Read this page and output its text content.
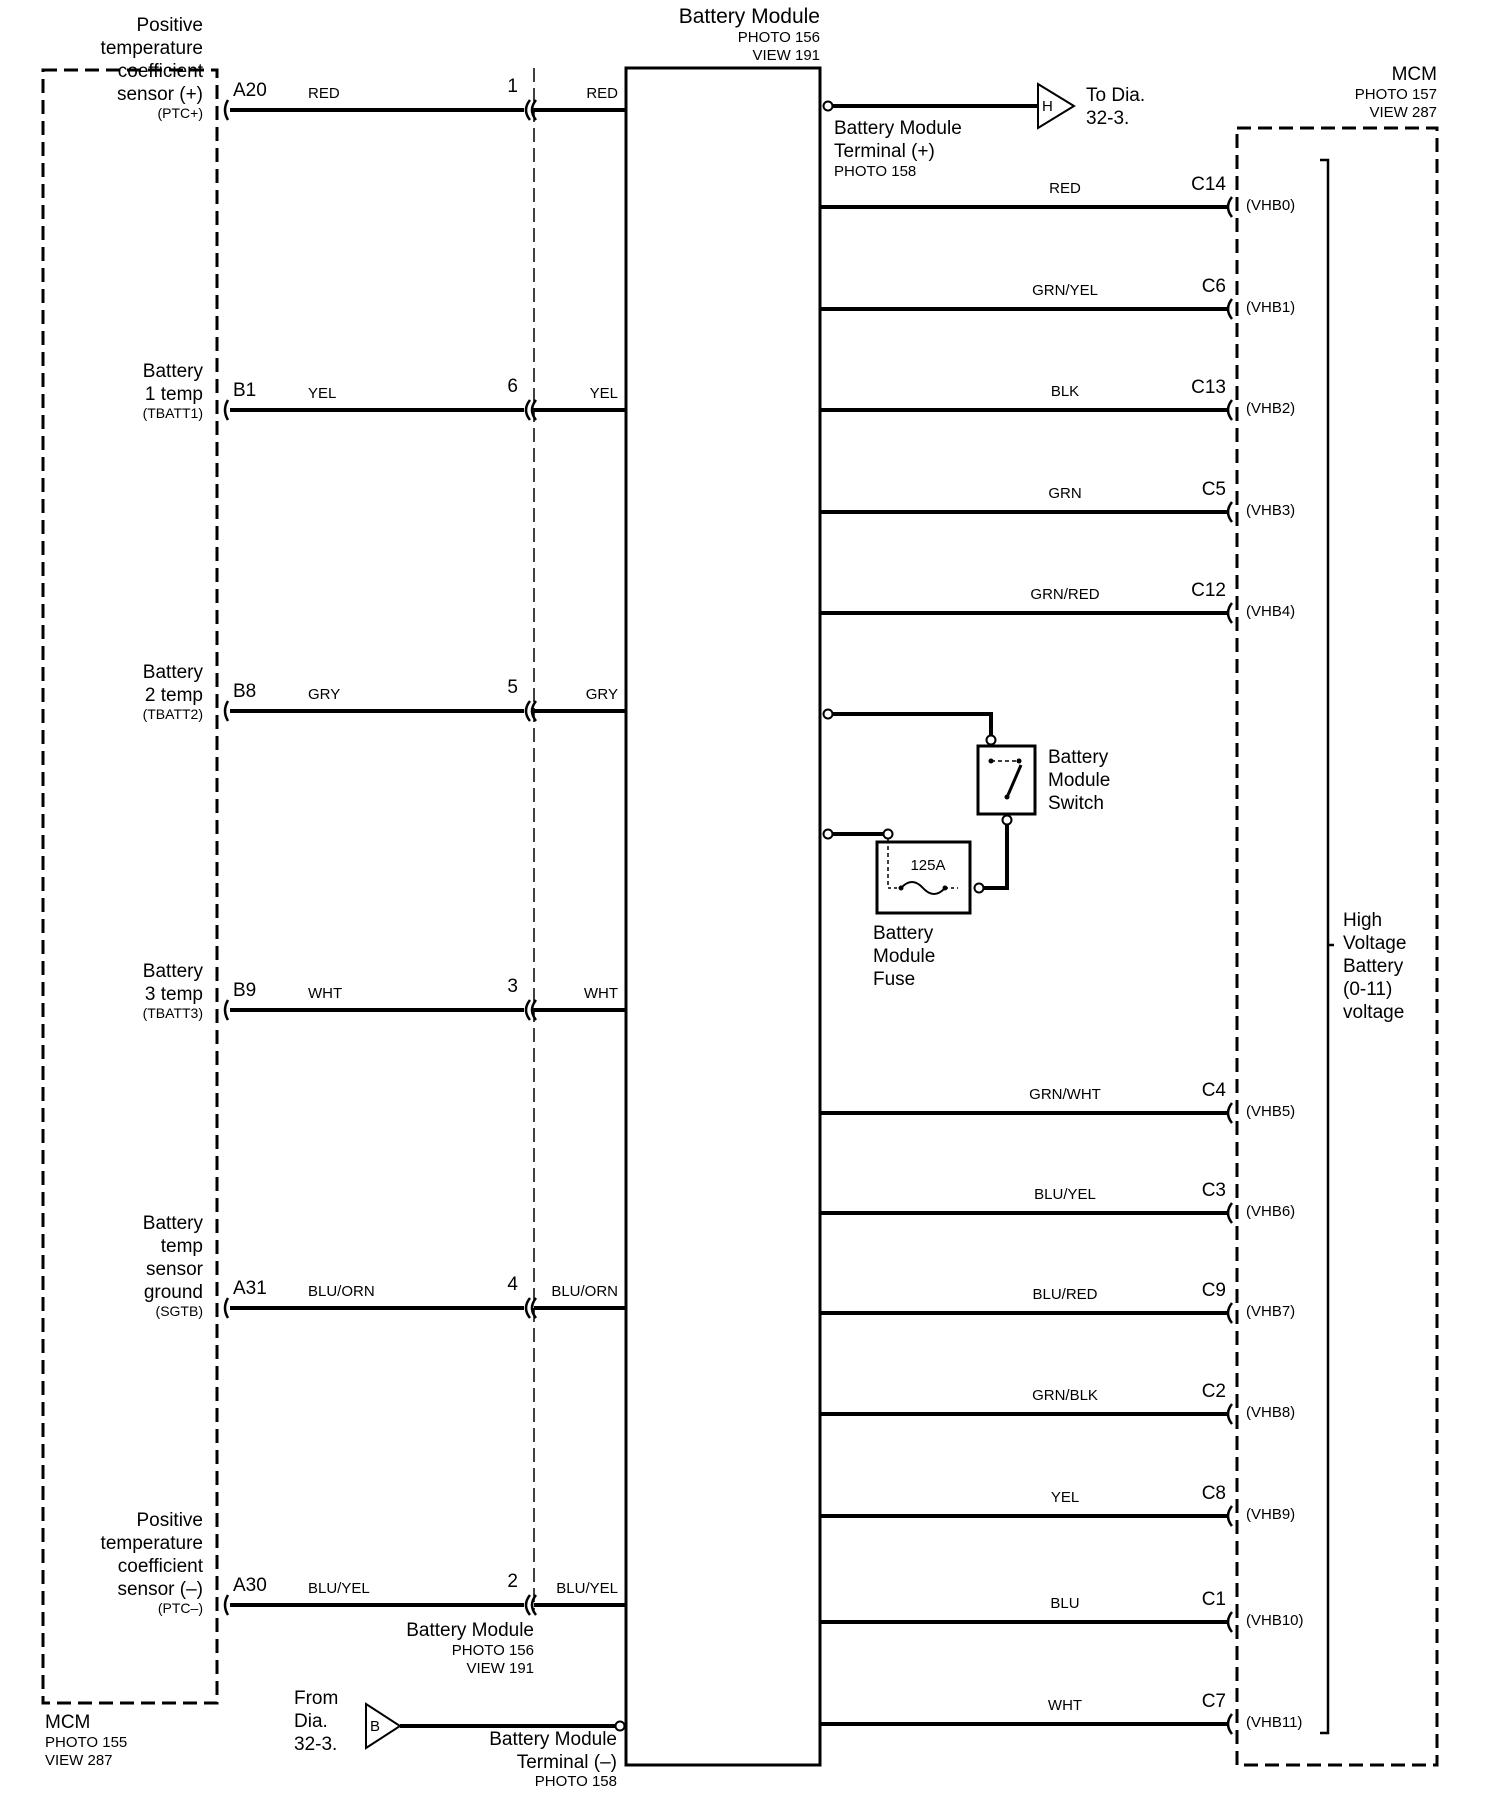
Battery Module
PHOTO 156
VIEW 191
MCM
PHOTO 155
VIEW 287
MCM
PHOTO 157
VIEW 287
High
Voltage
Battery
(0-11)
voltage
Positive
temperature
coefficient
sensor (+)
(PTC+)
A20	RED	1	RED
Battery
1 temp
(TBATT1)
B1	YEL	6	YEL
Battery
2 temp
(TBATT2)
B8	GRY	5	GRY
Battery
3 temp
(TBATT3)
B9	WHT	3	WHT
Battery
temp
sensor
ground
(SGTB)
A31	BLU/ORN	4 BLU/ORN
Positive
temperature
coefficient
sensor (–)
(PTC–)
A30	BLU/YEL	2	BLU/YEL
RED	C14
(VHB0)
GRN/YEL	C6
(VHB1)
BLK	C13
(VHB2)
GRN	C5
(VHB3)
GRN/RED	C12
(VHB4)
GRN/WHT	C4
(VHB5)
BLU/YEL	C3
(VHB6)
BLU/RED	C9
(VHB7)
GRN/BLK	C2
(VHB8)
YEL	C8
(VHB9)
BLU	C1
(VHB10)
WHT	C7
(VHB11)
H
To Dia.
32-3.
Battery Module
Terminal (+)
PHOTO 158
B
From
Dia.
32-3.	Battery Module
Terminal (–)
PHOTO 158
Battery Module
PHOTO 156
VIEW 191
Battery
Module
Switch
125A
Battery
Module
Fuse
